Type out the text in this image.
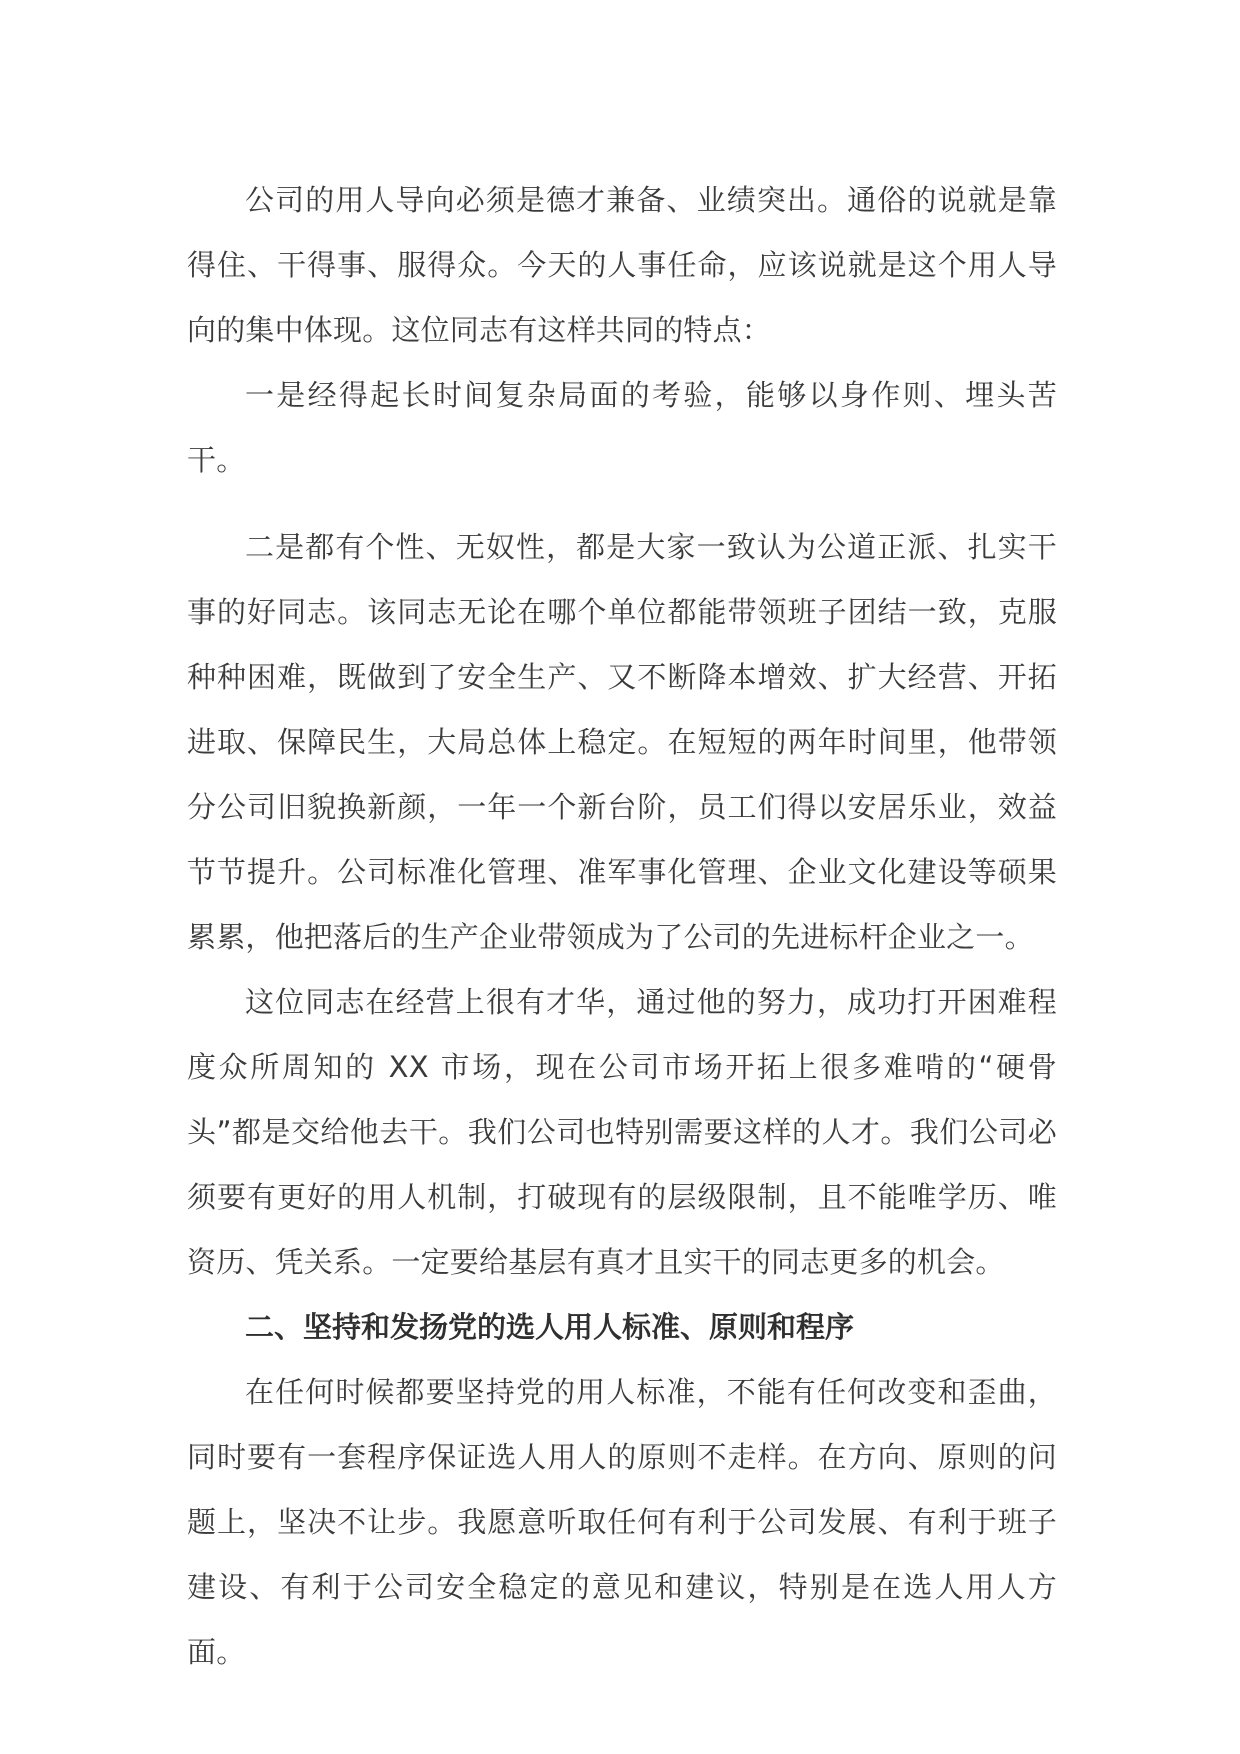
公司的用人导向必须是德才兼备、业绩突出。通俗的说就是靠得住、干得事、服得众。今天的人事任命，应该说就是这个用人导向的集中体现。这位同志有这样共同的特点：

一是经得起长时间复杂局面的考验，能够以身作则、埋头苦干。

二是都有个性、无奴性，都是大家一致认为公道正派、扎实干事的好同志。该同志无论在哪个单位都能带领班子团结一致，克服种种困难，既做到了安全生产、又不断降本增效、扩大经营、开拓进取、保障民生，大局总体上稳定。在短短的两年时间里，他带领分公司旧貌换新颜，一年一个新台阶，员工们得以安居乐业，效益节节提升。公司标准化管理、准军事化管理、企业文化建设等硕果累累，他把落后的生产企业带领成为了公司的先进标杆企业之一。

这位同志在经营上很有才华，通过他的努力，成功打开困难程度众所周知的 XX 市场，现在公司市场开拓上很多难啃的“硬骨头”都是交给他去干。我们公司也特别需要这样的人才。我们公司必须要有更好的用人机制，打破现有的层级限制，且不能唯学历、唯资历、凭关系。一定要给基层有真才且实干的同志更多的机会。

二、坚持和发扬党的选人用人标准、原则和程序

在任何时候都要坚持党的用人标准，不能有任何改变和歪曲，同时要有一套程序保证选人用人的原则不走样。在方向、原则的问题上，坚决不让步。我愿意听取任何有利于公司发展、有利于班子建设、有利于公司安全稳定的意见和建议，特别是在选人用人方面。
